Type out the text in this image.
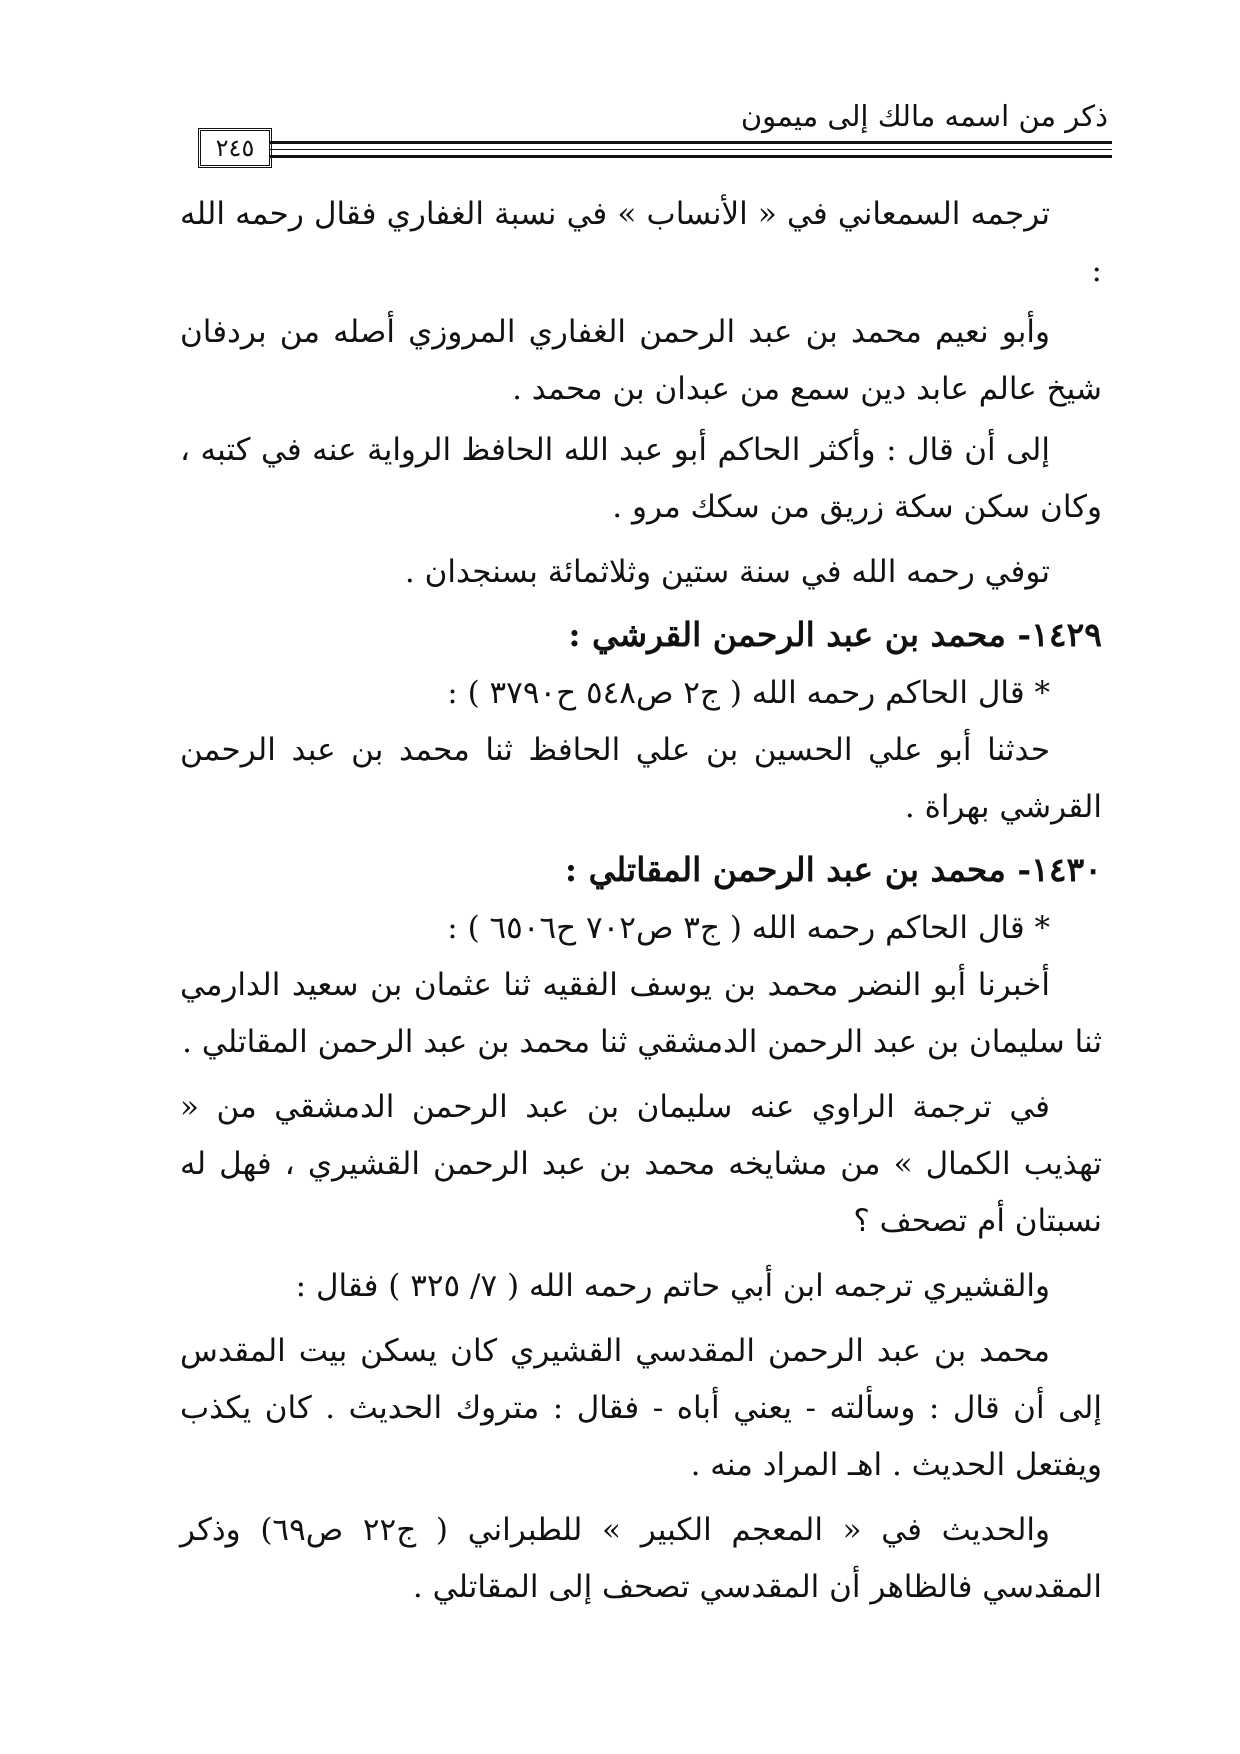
ذكر من اسمه مالك إلى ميمون
٢٤٥

ترجمه السمعاني في « الأنساب » في نسبة الغفاري فقال رحمه الله :

وأبو نعيم محمد بن عبد الرحمن الغفاري المروزي أصله من بردفان شيخ عالم عابد دين سمع من عبدان بن محمد .

إلى أن قال : وأكثر الحاكم أبو عبد الله الحافظ الرواية عنه في كتبه ، وكان سكن سكة زريق من سكك مرو .

توفي رحمه الله في سنة ستين وثلاثمائة بسنجدان .

١٤٢٩- محمد بن عبد الرحمن القرشي :

* قال الحاكم رحمه الله ( ج٢ ص٥٤٨ ح٣٧٩٠ ) :

حدثنا أبو علي الحسين بن علي الحافظ ثنا محمد بن عبد الرحمن القرشي بهراة .

١٤٣٠- محمد بن عبد الرحمن المقاتلي :

* قال الحاكم رحمه الله ( ج٣ ص٧٠٢ ح٦٥٠٦ ) :

أخبرنا أبو النضر محمد بن يوسف الفقيه ثنا عثمان بن سعيد الدارمي ثنا سليمان بن عبد الرحمن الدمشقي ثنا محمد بن عبد الرحمن المقاتلي .

في ترجمة الراوي عنه سليمان بن عبد الرحمن الدمشقي من « تهذيب الكمال » من مشايخه محمد بن عبد الرحمن القشيري ، فهل له نسبتان أم تصحف ؟

والقشيري ترجمه ابن أبي حاتم رحمه الله ( ٧/ ٣٢٥ ) فقال :

محمد بن عبد الرحمن المقدسي القشيري كان يسكن بيت المقدس إلى أن قال : وسألته - يعني أباه - فقال : متروك الحديث . كان يكذب ويفتعل الحديث . اهـ المراد منه .

والحديث في « المعجم الكبير » للطبراني ( ج٢٢ ص٦٩) وذكر المقدسي فالظاهر أن المقدسي تصحف إلى المقاتلي .
